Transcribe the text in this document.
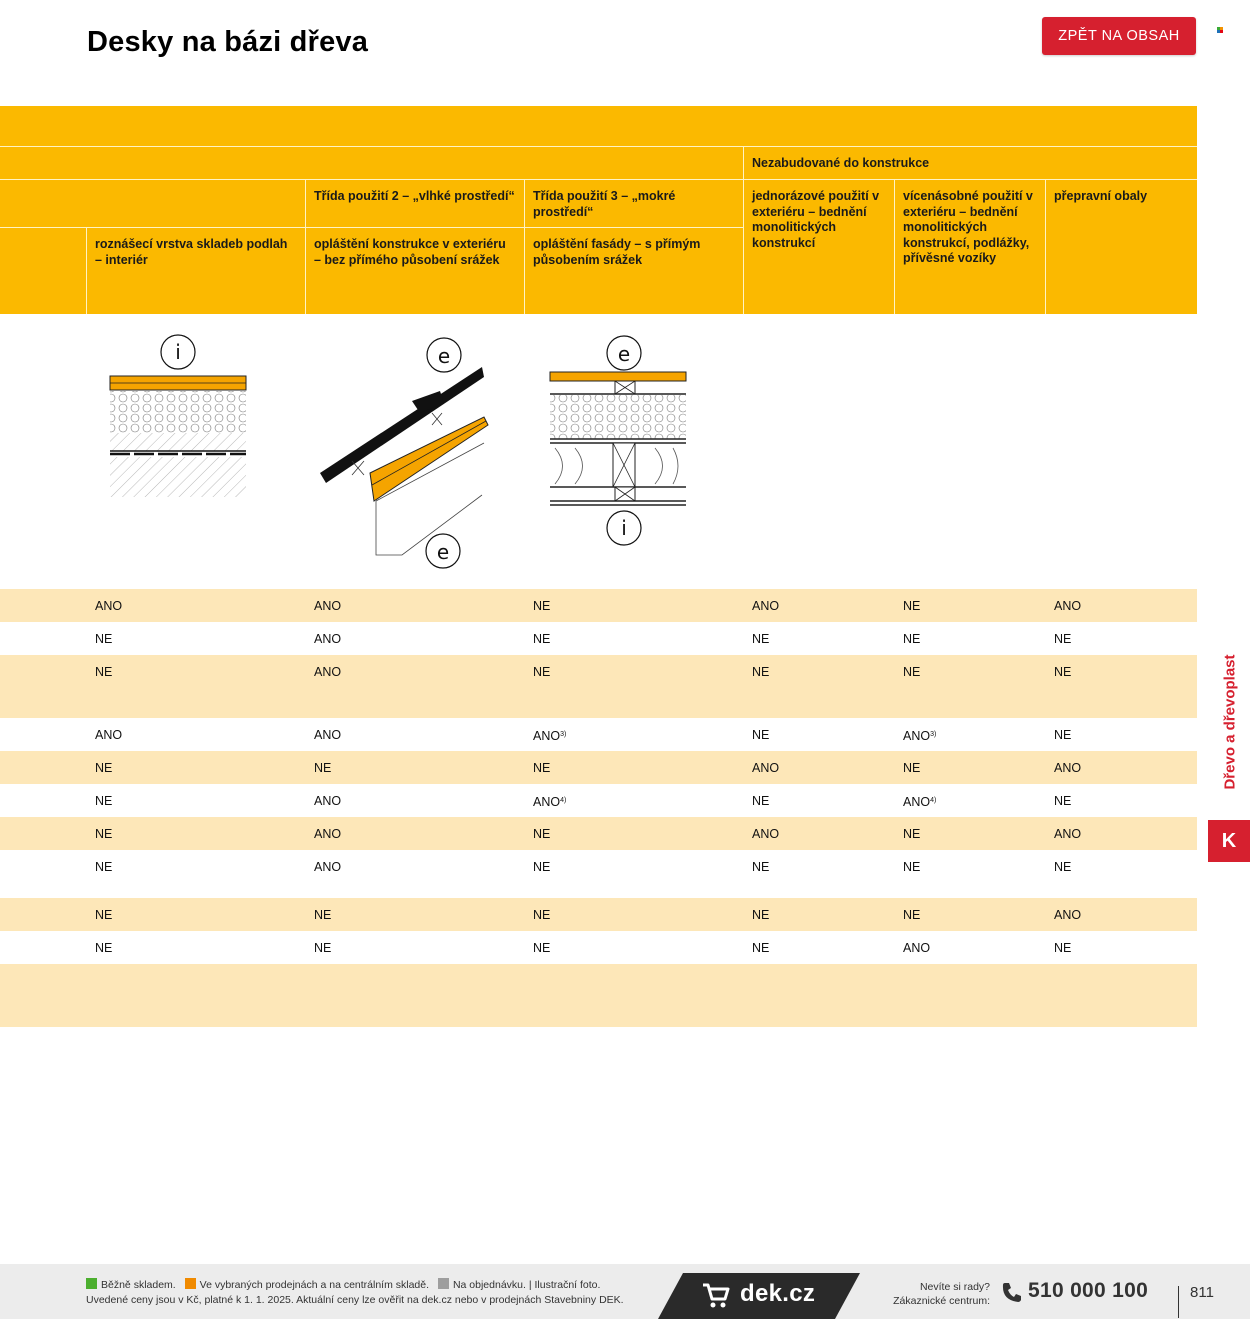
Desky na bázi dřeva	ZPĚT NA OBSAH
Nezabudované do konstrukce
Třída použití 2 – „vlhké prostředí“	Třída použití 3 – „mokré prostředí“
roznášecí vrstva skladeb podlah – interiér
opláštění konstrukce v exteriéru – bez přímého působení srážek
opláštění fasády – s přímým působením srážek
jednorázové použití v exteriéru – bednění monolitických konstrukcí
vícenásobné použití v exteriéru – bednění monolitických konstrukcí, podlážky, přívěsné vozíky
přepravní obaly
i	e
e
e
i
ANO	ANO	NE	ANO	NE	ANO
NE	ANO	NE	NE	NE	NE
NE	ANO	NE	NE	NE	NE
ANO	ANO	ANO$^{3)}$	NE	ANO$^{3)}$	NE
NE	NE	NE	ANO	NE	ANO
NE	ANO	ANO$^{4)}$	NE	ANO$^{4)}$	NE
NE	ANO	NE	ANO	NE	ANO
NE	ANO	NE	NE	NE	NE
NE	NE	NE	NE	NE	ANO
NE	NE	NE	NE	ANO	NE
Dřevo a dřevoplast
K
Běžně skladem. Ve vybraných prodejnách a na centrálním skladě. Na objednávku. | Ilustrační foto.
Uvedené ceny jsou v Kč, platné k 1. 1. 2025. Aktuální ceny lze ověřit na dek.cz nebo v prodejnách Stavebniny DEK.	dek.cz	Nevíte si rady?
Zákaznické centrum: 510 000 100	811
